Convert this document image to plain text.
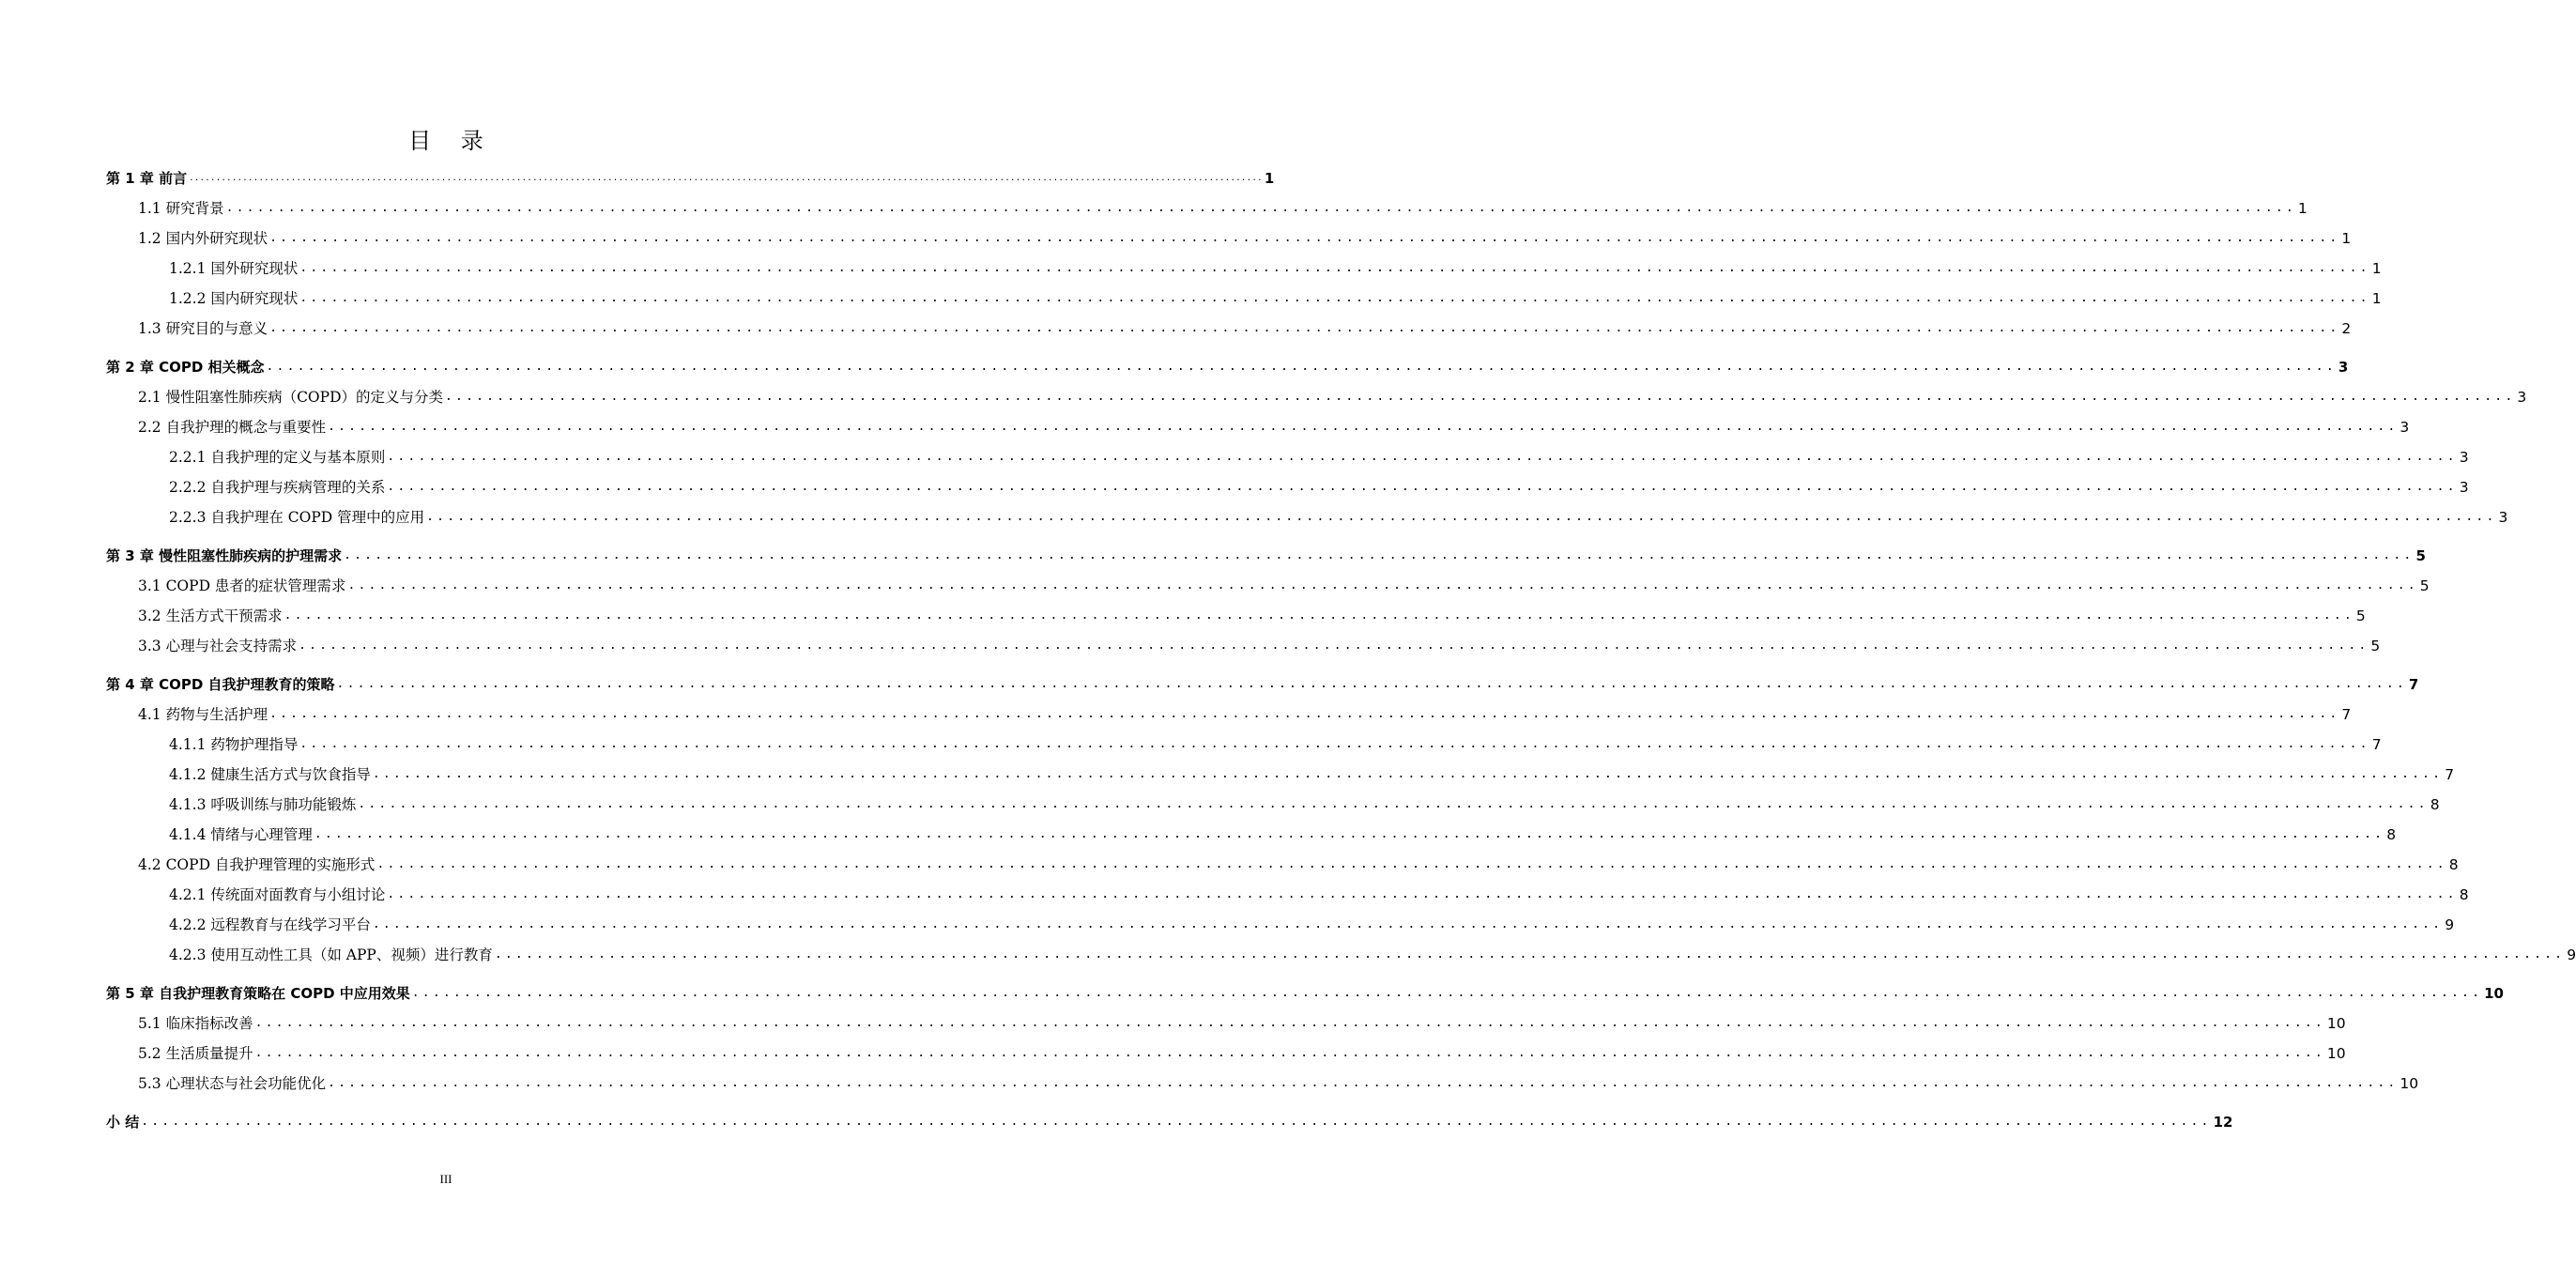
目 录
第 1 章 前言 ........................................................................................................................................................................................................ 1
1.1 研究背景 ........................................................................................................................................................................................................ 1
1.2 国内外研究现状 ........................................................................................................................................................................................................ 1
1.2.1 国外研究现状 ........................................................................................................................................................................................................ 1
1.2.2 国内研究现状 ........................................................................................................................................................................................................ 1
1.3 研究目的与意义 ........................................................................................................................................................................................................ 2
第 2 章 COPD 相关概念 ........................................................................................................................................................................................................ 3
2.1 慢性阻塞性肺疾病（COPD）的定义与分类 ........................................................................................................................................................................................................ 3
2.2 自我护理的概念与重要性 ........................................................................................................................................................................................................ 3
2.2.1 自我护理的定义与基本原则 ........................................................................................................................................................................................................ 3
2.2.2 自我护理与疾病管理的关系 ........................................................................................................................................................................................................ 3
2.2.3 自我护理在 COPD 管理中的应用 ........................................................................................................................................................................................................ 3
第 3 章 慢性阻塞性肺疾病的护理需求 ........................................................................................................................................................................................................ 5
3.1 COPD 患者的症状管理需求 ........................................................................................................................................................................................................ 5
3.2 生活方式干预需求 ........................................................................................................................................................................................................ 5
3.3 心理与社会支持需求 ........................................................................................................................................................................................................ 5
第 4 章 COPD 自我护理教育的策略 ........................................................................................................................................................................................................ 7
4.1 药物与生活护理 ........................................................................................................................................................................................................ 7
4.1.1 药物护理指导 ........................................................................................................................................................................................................ 7
4.1.2 健康生活方式与饮食指导 ........................................................................................................................................................................................................ 7
4.1.3 呼吸训练与肺功能锻炼 ........................................................................................................................................................................................................ 8
4.1.4 情绪与心理管理 ........................................................................................................................................................................................................ 8
4.2 COPD 自我护理管理的实施形式 ........................................................................................................................................................................................................ 8
4.2.1 传统面对面教育与小组讨论 ........................................................................................................................................................................................................ 8
4.2.2 远程教育与在线学习平台 ........................................................................................................................................................................................................ 9
4.2.3 使用互动性工具（如 APP、视频）进行教育 ........................................................................................................................................................................................................ 9
第 5 章 自我护理教育策略在 COPD 中应用效果 ........................................................................................................................................................................................................ 10
5.1 临床指标改善 ........................................................................................................................................................................................................ 10
5.2 生活质量提升 ........................................................................................................................................................................................................ 10
5.3 心理状态与社会功能优化 ........................................................................................................................................................................................................ 10
小 结 ........................................................................................................................................................................................................ 12
III
